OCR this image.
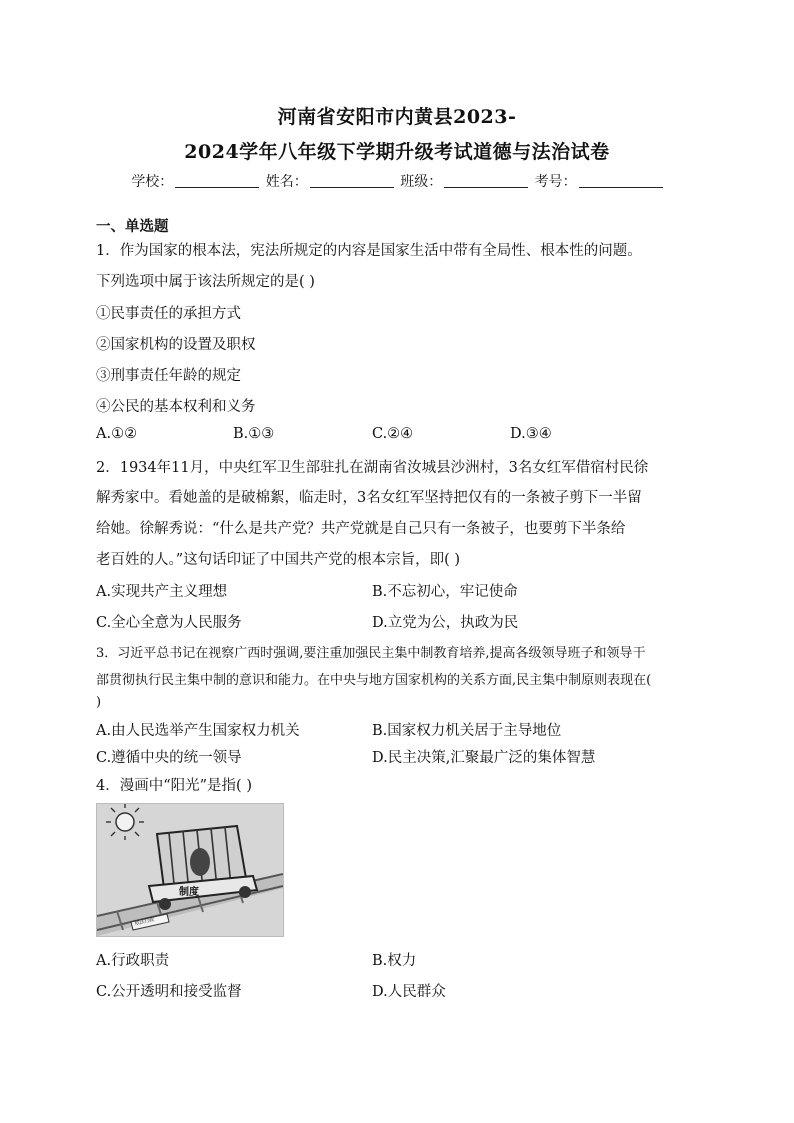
河南省安阳市内黄县2023-
2024学年八年级下学期升级考试道德与法治试卷
学校：	姓名：	班级：	考号：
一、单选题
1．作为国家的根本法，宪法所规定的内容是国家生活中带有全局性、根本性的问题。
下列选项中属于该法所规定的是( )
①民事责任的承担方式
②国家机构的设置及职权
③刑事责任年龄的规定
④公民的基本权利和义务
A.①②	B.①③	C.②④	D.③④
2．1934年11月，中央红军卫生部驻扎在湖南省汝城县沙洲村，3名女红军借宿村民徐
解秀家中。看她盖的是破棉絮，临走时，3名女红军坚持把仅有的一条被子剪下一半留
给她。徐解秀说：“什么是共产党？共产党就是自己只有一条被子，也要剪下半条给
老百姓的人。”这句话印证了中国共产党的根本宗旨，即( )
A.实现共产主义理想	B.不忘初心，牢记使命
C.全心全意为人民服务	D.立党为公，执政为民
3．习近平总书记在视察广西时强调,要注重加强民主集中制教育培养,提高各级领导班子和领导干
部贯彻执行民主集中制的意识和能力。在中央与地方国家机构的关系方面,民主集中制原则表现在(
)
A.由人民选举产生国家权力机关	B.国家权力机关居于主导地位
C.遵循中央的统一领导	D.民主决策,汇聚最广泛的集体智慧
4．漫画中“阳光”是指( )
制度
依法行政
A.行政职责	B.权力
C.公开透明和接受监督	D.人民群众
